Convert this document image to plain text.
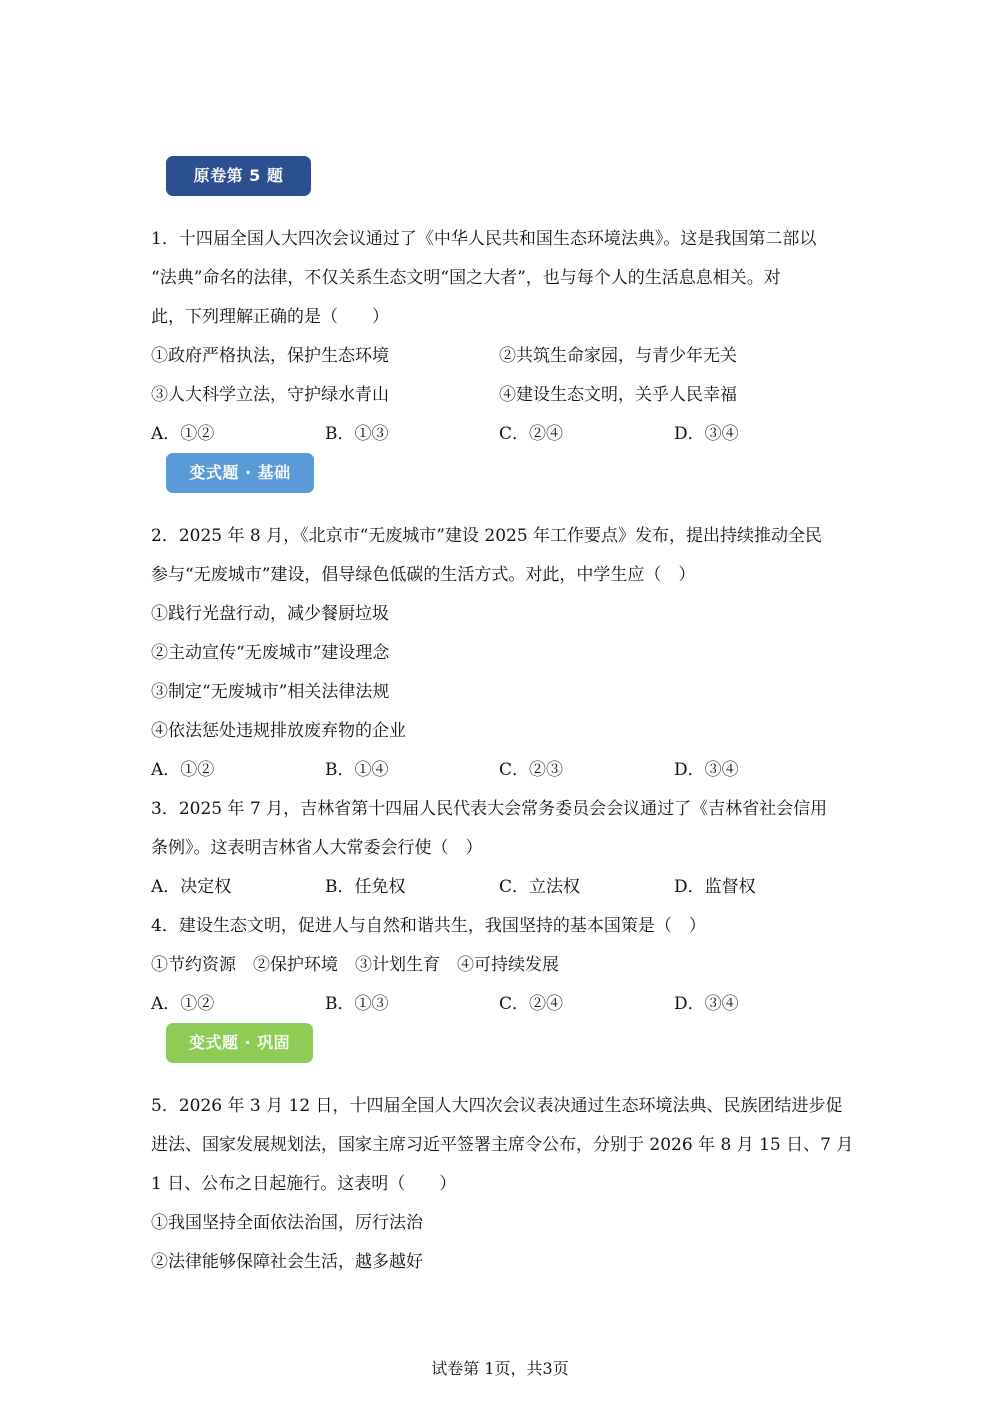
原卷第 5 题
1．十四届全国人大四次会议通过了《中华人民共和国生态环境法典》。这是我国第二部以
“法典”命名的法律，不仅关系生态文明“国之大者”，也与每个人的生活息息相关。对
此，下列理解正确的是（　　）
①政府严格执法，保护生态环境	②共筑生命家园，与青少年无关
③人大科学立法，守护绿水青山	④建设生态文明，关乎人民幸福
A．①②	B．①③	C．②④	D．③④
变式题 · 基础
2．2025 年 8 月，《北京市“无废城市”建设 2025 年工作要点》发布，提出持续推动全民
参与“无废城市”建设，倡导绿色低碳的生活方式。对此，中学生应（　）
①践行光盘行动，减少餐厨垃圾
②主动宣传“无废城市”建设理念
③制定“无废城市”相关法律法规
④依法惩处违规排放废弃物的企业
A．①②	B．①④	C．②③	D．③④
3．2025 年 7 月，吉林省第十四届人民代表大会常务委员会会议通过了《吉林省社会信用
条例》。这表明吉林省人大常委会行使（　）
A．决定权	B．任免权	C．立法权	D．监督权
4．建设生态文明，促进人与自然和谐共生，我国坚持的基本国策是（　）
①节约资源　②保护环境　③计划生育　④可持续发展
A．①②	B．①③	C．②④	D．③④
变式题 · 巩固
5．2026 年 3 月 12 日，十四届全国人大四次会议表决通过生态环境法典、民族团结进步促
进法、国家发展规划法，国家主席习近平签署主席令公布，分别于 2026 年 8 月 15 日、7 月
1 日、公布之日起施行。这表明（　　）
①我国坚持全面依法治国，厉行法治
②法律能够保障社会生活，越多越好
试卷第 1页，共3页
